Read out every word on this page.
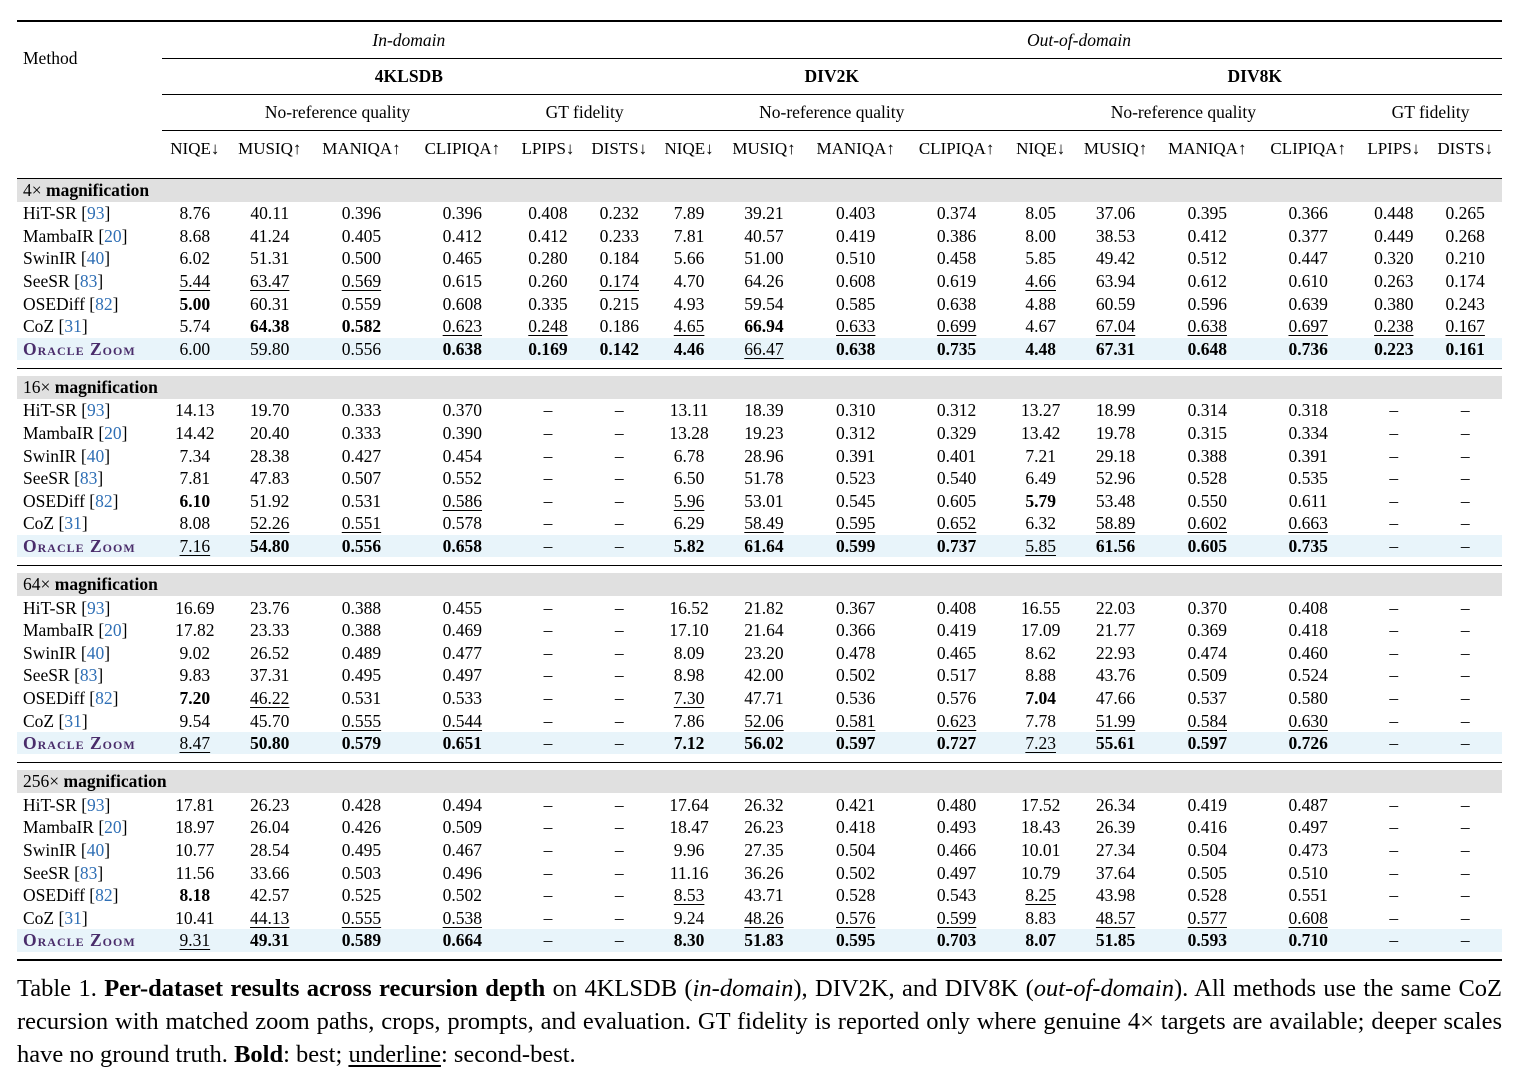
Method	In-domain						Out-of-domain									
	4KLSDB						DIV2K				DIV8K					
	No-reference quality				GT fidelity		No-reference quality				No-reference quality				GT fidelity	
	NIQE↓	MUSIQ↑	MANIQA↑	CLIPIQA↑	LPIPS↓	DISTS↓	NIQE↓	MUSIQ↑	MANIQA↑	CLIPIQA↑	NIQE↓	MUSIQ↑	MANIQA↑	CLIPIQA↑	LPIPS↓	DISTS↓

4× magnification																
HiT-SR [93]	8.76	40.11	0.396	0.396	0.408	0.232	7.89	39.21	0.403	0.374	8.05	37.06	0.395	0.366	0.448	0.265
MambaIR [20]	8.68	41.24	0.405	0.412	0.412	0.233	7.81	40.57	0.419	0.386	8.00	38.53	0.412	0.377	0.449	0.268
SwinIR [40]	6.02	51.31	0.500	0.465	0.280	0.184	5.66	51.00	0.510	0.458	5.85	49.42	0.512	0.447	0.320	0.210
SeeSR [83]	5.44	63.47	0.569	0.615	0.260	0.174	4.70	64.26	0.608	0.619	4.66	63.94	0.612	0.610	0.263	0.174
OSEDiff [82]	5.00	60.31	0.559	0.608	0.335	0.215	4.93	59.54	0.585	0.638	4.88	60.59	0.596	0.639	0.380	0.243
CoZ [31]	5.74	64.38	0.582	0.623	0.248	0.186	4.65	66.94	0.633	0.699	4.67	67.04	0.638	0.697	0.238	0.167
Oracle Zoom	6.00	59.80	0.556	0.638	0.169	0.142	4.46	66.47	0.638	0.735	4.48	67.31	0.648	0.736	0.223	0.161

16× magnification																
HiT-SR [93]	14.13	19.70	0.333	0.370	–	–	13.11	18.39	0.310	0.312	13.27	18.99	0.314	0.318	–	–
MambaIR [20]	14.42	20.40	0.333	0.390	–	–	13.28	19.23	0.312	0.329	13.42	19.78	0.315	0.334	–	–
SwinIR [40]	7.34	28.38	0.427	0.454	–	–	6.78	28.96	0.391	0.401	7.21	29.18	0.388	0.391	–	–
SeeSR [83]	7.81	47.83	0.507	0.552	–	–	6.50	51.78	0.523	0.540	6.49	52.96	0.528	0.535	–	–
OSEDiff [82]	6.10	51.92	0.531	0.586	–	–	5.96	53.01	0.545	0.605	5.79	53.48	0.550	0.611	–	–
CoZ [31]	8.08	52.26	0.551	0.578	–	–	6.29	58.49	0.595	0.652	6.32	58.89	0.602	0.663	–	–
Oracle Zoom	7.16	54.80	0.556	0.658	–	–	5.82	61.64	0.599	0.737	5.85	61.56	0.605	0.735	–	–

64× magnification																
HiT-SR [93]	16.69	23.76	0.388	0.455	–	–	16.52	21.82	0.367	0.408	16.55	22.03	0.370	0.408	–	–
MambaIR [20]	17.82	23.33	0.388	0.469	–	–	17.10	21.64	0.366	0.419	17.09	21.77	0.369	0.418	–	–
SwinIR [40]	9.02	26.52	0.489	0.477	–	–	8.09	23.20	0.478	0.465	8.62	22.93	0.474	0.460	–	–
SeeSR [83]	9.83	37.31	0.495	0.497	–	–	8.98	42.00	0.502	0.517	8.88	43.76	0.509	0.524	–	–
OSEDiff [82]	7.20	46.22	0.531	0.533	–	–	7.30	47.71	0.536	0.576	7.04	47.66	0.537	0.580	–	–
CoZ [31]	9.54	45.70	0.555	0.544	–	–	7.86	52.06	0.581	0.623	7.78	51.99	0.584	0.630	–	–
Oracle Zoom	8.47	50.80	0.579	0.651	–	–	7.12	56.02	0.597	0.727	7.23	55.61	0.597	0.726	–	–

256× magnification																
HiT-SR [93]	17.81	26.23	0.428	0.494	–	–	17.64	26.32	0.421	0.480	17.52	26.34	0.419	0.487	–	–
MambaIR [20]	18.97	26.04	0.426	0.509	–	–	18.47	26.23	0.418	0.493	18.43	26.39	0.416	0.497	–	–
SwinIR [40]	10.77	28.54	0.495	0.467	–	–	9.96	27.35	0.504	0.466	10.01	27.34	0.504	0.473	–	–
SeeSR [83]	11.56	33.66	0.503	0.496	–	–	11.16	36.26	0.502	0.497	10.79	37.64	0.505	0.510	–	–
OSEDiff [82]	8.18	42.57	0.525	0.502	–	–	8.53	43.71	0.528	0.543	8.25	43.98	0.528	0.551	–	–
CoZ [31]	10.41	44.13	0.555	0.538	–	–	9.24	48.26	0.576	0.599	8.83	48.57	0.577	0.608	–	–
Oracle Zoom	9.31	49.31	0.589	0.664	–	–	8.30	51.83	0.595	0.703	8.07	51.85	0.593	0.710	–	–

Table 1. Per-dataset results across recursion depth on 4KLSDB (in-domain), DIV2K, and DIV8K (out-of-domain). All methods use the same CoZ recursion with matched zoom paths, crops, prompts, and evaluation. GT fidelity is reported only where genuine 4× targets are available; deeper scales have no ground truth. Bold: best; underline: second-best.
